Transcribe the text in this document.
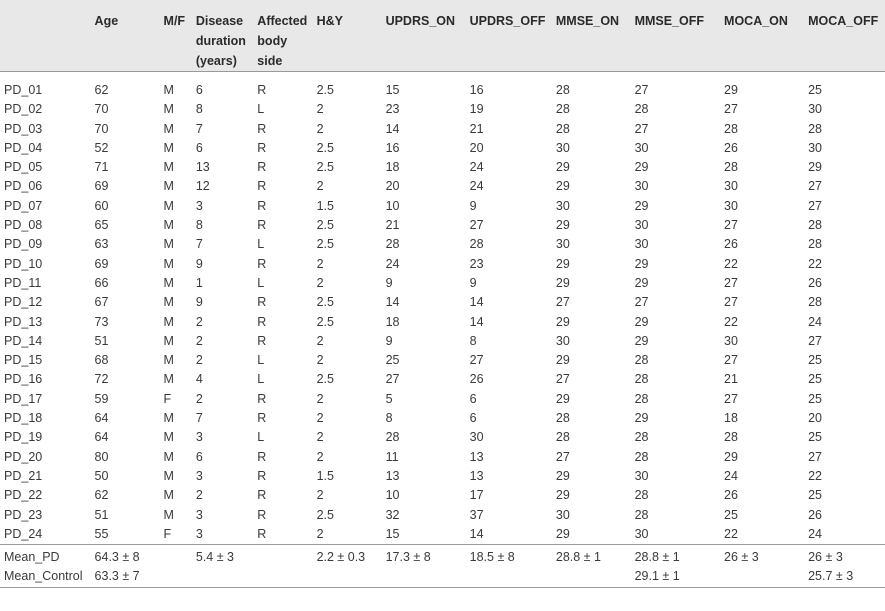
	Age	M/F	Disease duration (years)	Affected body side	H&Y	UPDRS_ON	UPDRS_OFF	MMSE_ON	MMSE_OFF	MOCA_ON	MOCA_OFF

PD_01	62	M	6	R	2.5	15	16	28	27	29	25
PD_02	70	M	8	L	2	23	19	28	28	27	30
PD_03	70	M	7	R	2	14	21	28	27	28	28
PD_04	52	M	6	R	2.5	16	20	30	30	26	30
PD_05	71	M	13	R	2.5	18	24	29	29	28	29
PD_06	69	M	12	R	2	20	24	29	30	30	27
PD_07	60	M	3	R	1.5	10	9	30	29	30	27
PD_08	65	M	8	R	2.5	21	27	29	30	27	28
PD_09	63	M	7	L	2.5	28	28	30	30	26	28
PD_10	69	M	9	R	2	24	23	29	29	22	22
PD_11	66	M	1	L	2	9	9	29	29	27	26
PD_12	67	M	9	R	2.5	14	14	27	27	27	28
PD_13	73	M	2	R	2.5	18	14	29	29	22	24
PD_14	51	M	2	R	2	9	8	30	29	30	27
PD_15	68	M	2	L	2	25	27	29	28	27	25
PD_16	72	M	4	L	2.5	27	26	27	28	21	25
PD_17	59	F	2	R	2	5	6	29	28	27	25
PD_18	64	M	7	R	2	8	6	28	29	18	20
PD_19	64	M	3	L	2	28	30	28	28	28	25
PD_20	80	M	6	R	2	11	13	27	28	29	27
PD_21	50	M	3	R	1.5	13	13	29	30	24	22
PD_22	62	M	2	R	2	10	17	29	28	26	25
PD_23	51	M	3	R	2.5	32	37	30	28	25	26
PD_24	55	F	3	R	2	15	14	29	30	22	24
Mean_PD	64.3 ± 8		5.4 ± 3		2.2 ± 0.3	17.3 ± 8	18.5 ± 8	28.8 ± 1	28.8 ± 1	26 ± 3	26 ± 3
Mean_Control	63.3 ± 7								29.1 ± 1		25.7 ± 3
